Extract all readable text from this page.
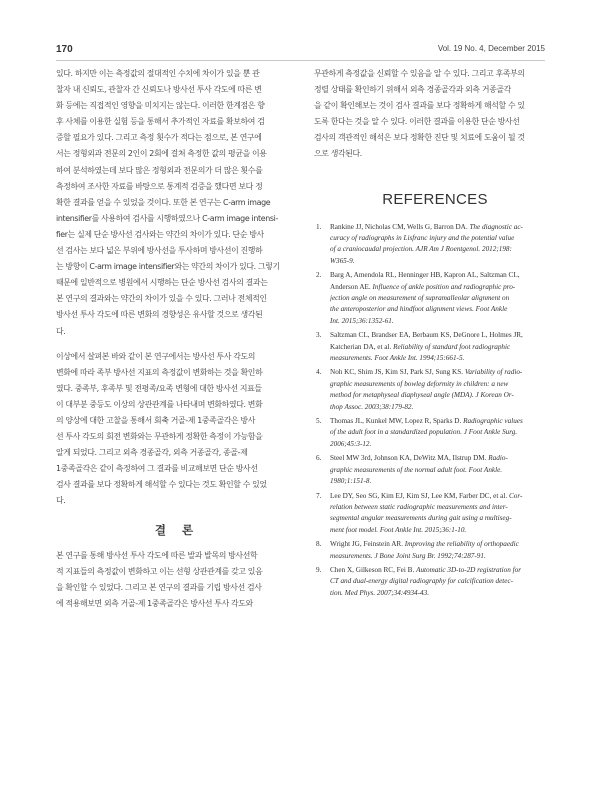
170	Vol. 19 No. 4, December 2015
있다. 하지만 이는 측정값의 절대적인 수치에 차이가 있을 뿐 관
찰자 내 신뢰도, 관찰자 간 신뢰도나 방사선 투사 각도에 따른 변
화 등에는 직접적인 영향을 미치지는 않는다. 이러한 한계점은 향
후 사체를 이용한 실험 등을 통해서 추가적인 자료를 확보하여 검
증할 필요가 있다. 그리고 측정 횟수가 적다는 점으로, 본 연구에
서는 정형외과 전문의 2인이 2회에 걸쳐 측정한 값의 평균을 이용
하여 분석하였는데 보다 많은 정형외과 전문의가 더 많은 횟수를
측정하여 조사한 자료를 바탕으로 통계적 검증을 했다면 보다 정
확한 결과를 얻을 수 있었을 것이다. 또한 본 연구는 C-arm image
intensifier를 사용하여 검사를 시행하였으나 C-arm image intensi-
fier는 실제 단순 방사선 검사와는 약간의 차이가 있다. 단순 방사
선 검사는 보다 넓은 부위에 방사선을 투사하며 방사선이 진행하
는 방향이 C-arm image intensifier와는 약간의 차이가 있다. 그렇기
때문에 일반적으로 병원에서 시행하는 단순 방사선 검사의 결과는
본 연구의 결과와는 약간의 차이가 있을 수 있다. 그러나 전체적인
방사선 투사 각도에 따른 변화의 경향성은 유사할 것으로 생각된
다.
이상에서 살펴본 바와 같이 본 연구에서는 방사선 투사 각도의
변화에 따라 족부 방사선 지표의 측정값이 변화하는 것을 확인하
였다. 중족부, 후족부 및 전평족/요족 변형에 대한 방사선 지표들
이 대부분 중등도 이상의 상관관계를 나타내며 변화하였다. 변화
의 양상에 대한 고찰을 통해서 회축 거골-제 1중족골각은 방사
선 투사 각도의 회전 변화와는 무관하게 정확한 측정이 가능함을
알게 되었다. 그리고 외측 경종골각, 외측 거종골각, 종골-제
1중족골각은 같이 측정하여 그 결과를 비교해보면 단순 방사선
검사 결과를 보다 정확하게 해석할 수 있다는 것도 확인할 수 있었
다.
결 론
본 연구를 통해 방사선 투사 각도에 따른 발과 발목의 방사선학
적 지표들의 측정값이 변화하고 이는 선형 상관관계를 갖고 있음
을 확인할 수 있었다. 그리고 본 연구의 결과를 기립 방사선 검사
에 적용해보면 외측 거골-제 1중족골각은 방사선 투사 각도와
무관하게 측정값을 신뢰할 수 있음을 알 수 있다. 그리고 후족부의
정렬 상태를 확인하기 위해서 외측 경종골각과 외측 거종골각
을 같이 확인해보는 것이 검사 결과를 보다 정확하게 해석할 수 있
도록 한다는 것을 알 수 있다. 이러한 결과를 이용한 단순 방사선
검사의 객관적인 해석은 보다 정확한 진단 및 치료에 도움이 될 것
으로 생각된다.
REFERENCES
1. Rankine JJ, Nicholas CM, Wells G, Barron DA. The diagnostic ac-
curacy of radiographs in Lisfranc injury and the potential value
of a craniocaudal projection. AJR Am J Roentgenol. 2012;198:
W365-9.
2. Barg A, Amendola RL, Henninger HB, Kapron AL, Saltzman CL,
Anderson AE. Influence of ankle position and radiographic pro-
jection angle on measurement of supramalleolar alignment on
the anteroposterior and hindfoot alignment views. Foot Ankle
Int. 2015;36:1352-61.
3. Saltzman CL, Brandser EA, Berbaum KS, DeGnore L, Holmes JR,
Katcherian DA, et al. Reliability of standard foot radiographic
measurements. Foot Ankle Int. 1994;15:661-5.
4. Noh KC, Shim JS, Kim SJ, Park SJ, Sung KS. Variability of radio-
graphic measurements of bowleg deformity in children: a new
method for metaphyseal diaphyseal angle (MDA). J Korean Or-
thop Assoc. 2003;38:179-82.
5. Thomas JL, Kunkel MW, Lopez R, Sparks D. Radiographic values
of the adult foot in a standardized population. J Foot Ankle Surg.
2006;45:3-12.
6. Steel MW 3rd, Johnson KA, DeWitz MA, Ilstrup DM. Radio-
graphic measurements of the normal adult foot. Foot Ankle.
1980;1:151-8.
7. Lee DY, Seo SG, Kim EJ, Kim SJ, Lee KM, Farber DC, et al. Cor-
relation between static radiographic measurements and inter-
segmental angular measurements during gait using a multiseg-
ment foot model. Foot Ankle Int. 2015;36:1-10.
8. Wright JG, Feinstein AR. Improving the reliability of orthopaedic
measurements. J Bone Joint Surg Br. 1992;74:287-91.
9. Chen X, Gilkeson RC, Fei B. Automatic 3D-to-2D registration for
CT and dual-energy digital radiography for calcification detec-
tion. Med Phys. 2007;34:4934-43.
